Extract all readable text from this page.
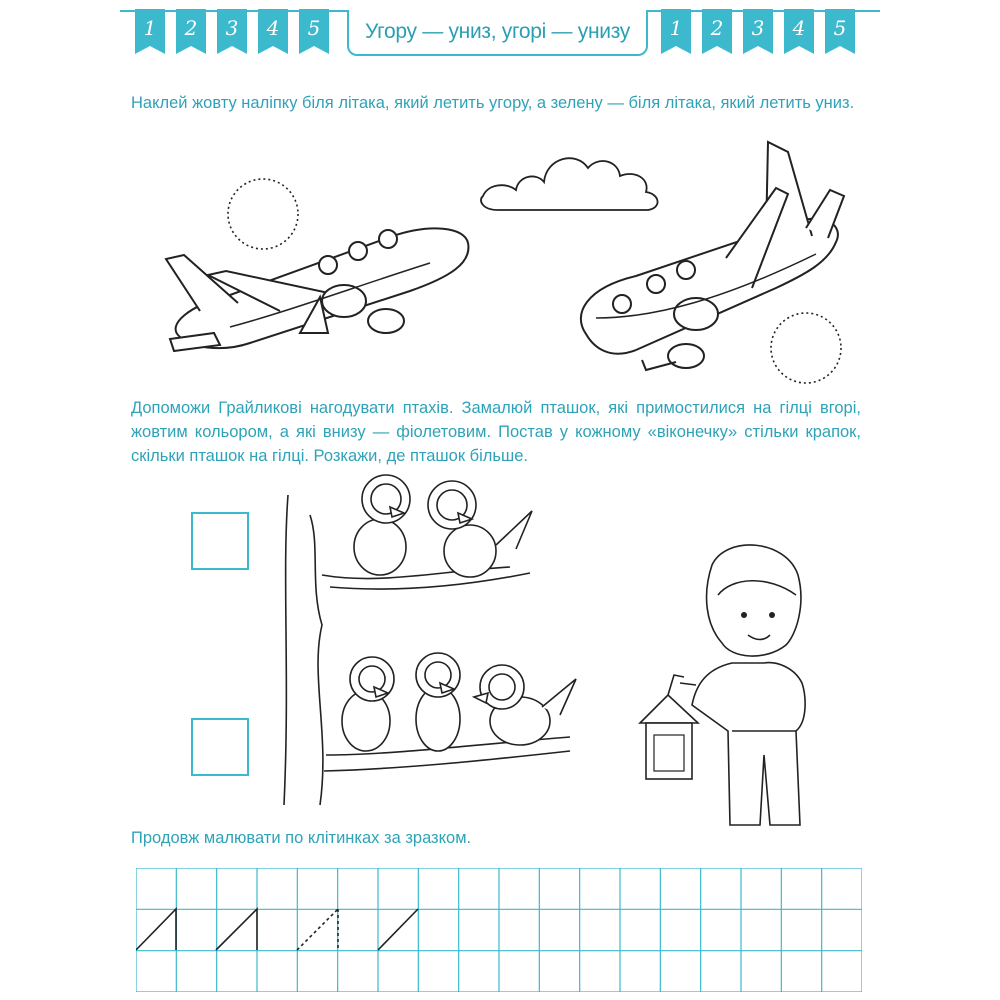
1 2 3 4 5	1 2 3 4 5
Угору — униз, угорі — унизу

Наклей жовту наліпку біля літака, який летить угору, а зелену — біля літака, який летить униз.

Допоможи Грайликові нагодувати птахів. Замалюй пташок, які примостилися на гілці вгорі, жовтим кольором, а які внизу — фіолетовим. Постав у кожному «віконечку» стільки крапок, скільки пташок на гілці. Розкажи, де пташок більше.

Продовж малювати по клітинках за зразком.
